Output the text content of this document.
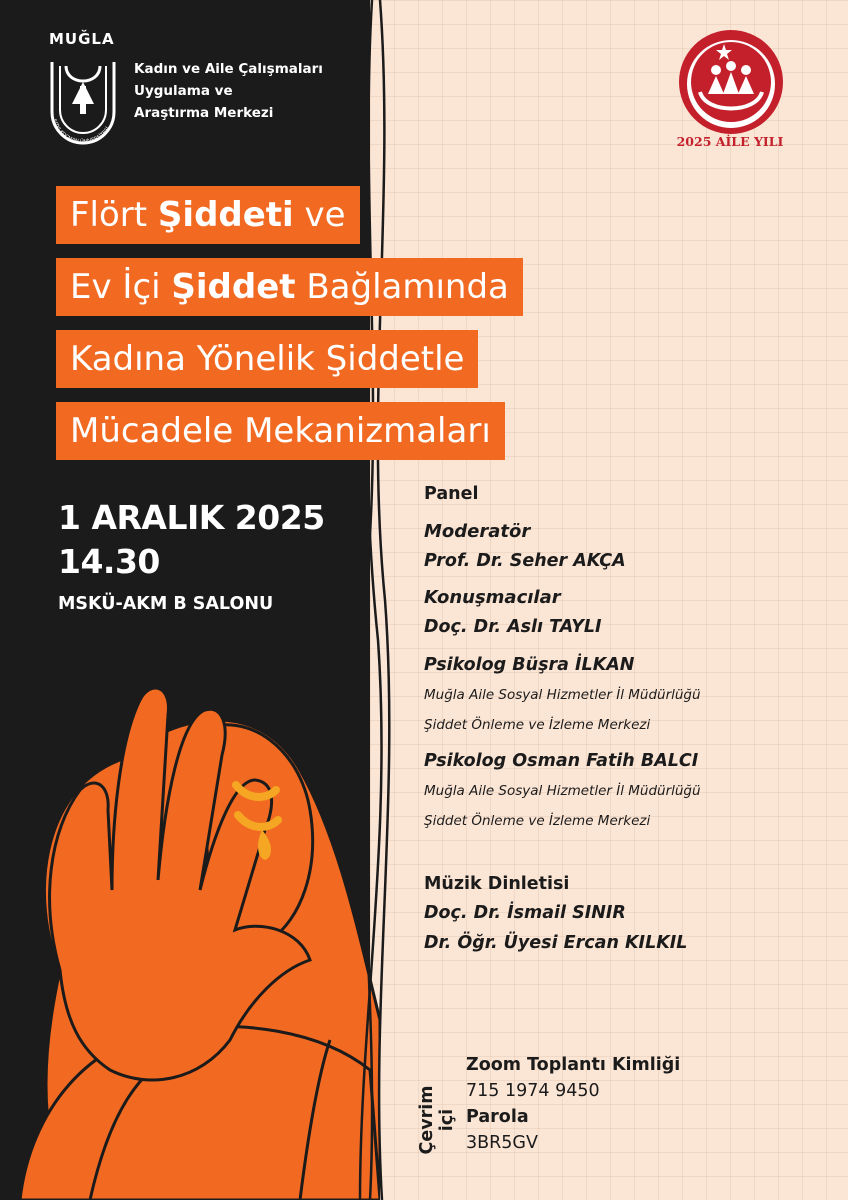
MUĞLA
SITKI KOÇMAN ÜNİVERSİTESİ
Kadın ve Aile Çalışmaları
Uygulama ve
Araştırma Merkezi
2025 AİLE YILI
Flört Şiddeti ve
Ev İçi Şiddet Bağlamında
Kadına Yönelik Şiddetle
Mücadele Mekanizmaları
1 ARALIK 2025
14.30
MSKÜ-AKM B SALONU
Panel
Moderatör
Prof. Dr. Seher AKÇA
Konuşmacılar
Doç. Dr. Aslı TAYLI
Psikolog Büşra İLKAN
Muğla Aile Sosyal Hizmetler İl Müdürlüğü
Şiddet Önleme ve İzleme Merkezi
Psikolog Osman Fatih BALCI
Muğla Aile Sosyal Hizmetler İl Müdürlüğü
Şiddet Önleme ve İzleme Merkezi
Müzik Dinletisi
Doç. Dr. İsmail SINIR
Dr. Öğr. Üyesi Ercan KILKIL
Çevrim içi
Zoom Toplantı Kimliği
715 1974 9450
Parola
3BR5GV
